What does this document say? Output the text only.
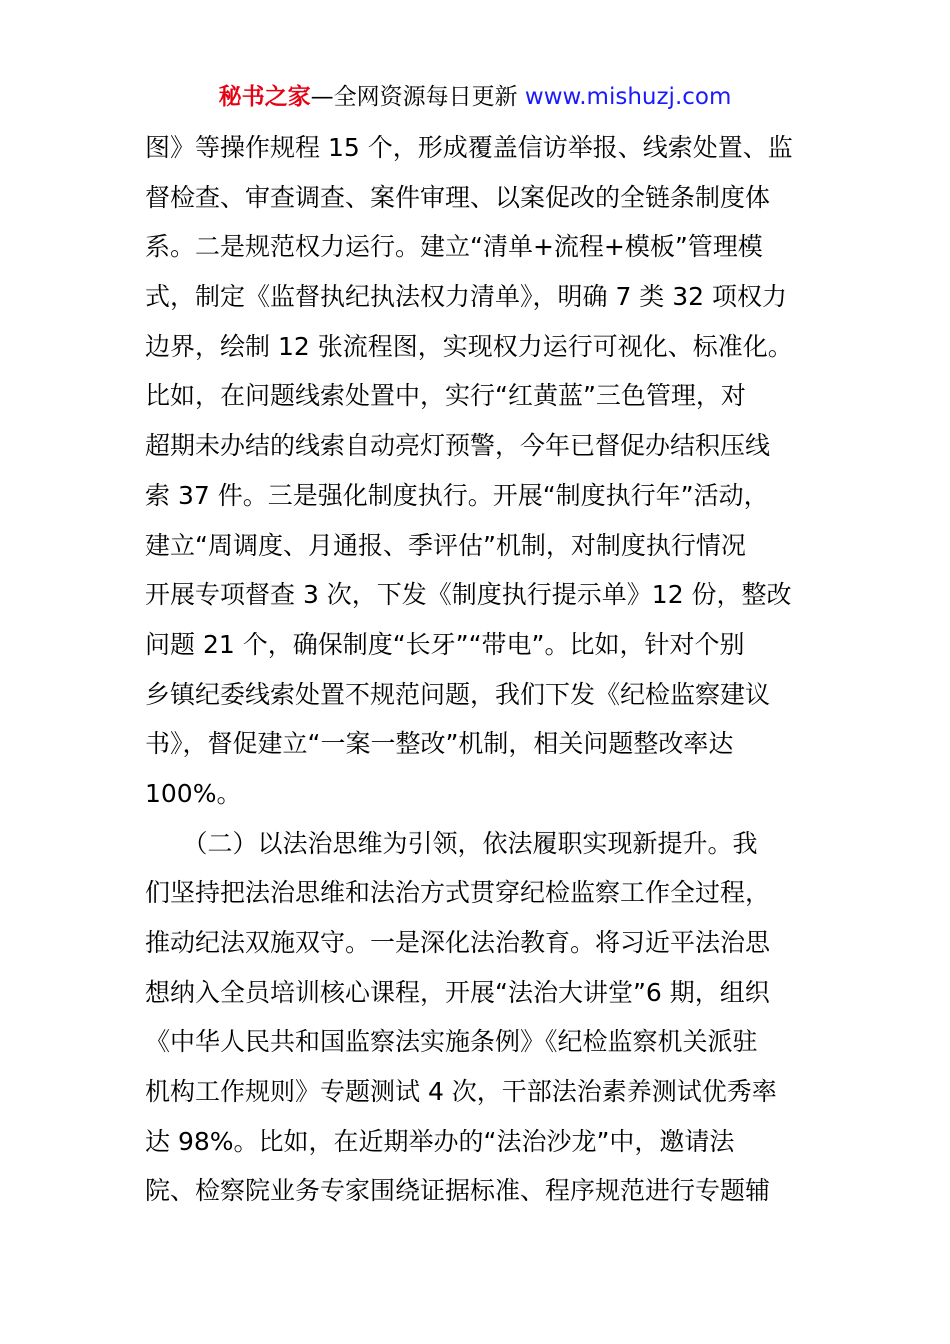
秘书之家—全网资源每日更新 www.mishuzj.com
图》等操作规程 15 个，形成覆盖信访举报、线索处置、监
督检查、审查调查、案件审理、以案促改的全链条制度体
系。二是规范权力运行。建立“清单+流程+模板”管理模
式，制定《监督执纪执法权力清单》，明确 7 类 32 项权力
边界，绘制 12 张流程图，实现权力运行可视化、标准化。
比如，在问题线索处置中，实行“红黄蓝”三色管理，对
超期未办结的线索自动亮灯预警，今年已督促办结积压线
索 37 件。三是强化制度执行。开展“制度执行年”活动，
建立“周调度、月通报、季评估”机制，对制度执行情况
开展专项督查 3 次，下发《制度执行提示单》12 份，整改
问题 21 个，确保制度“长牙”“带电”。比如，针对个别
乡镇纪委线索处置不规范问题，我们下发《纪检监察建议
书》，督促建立“一案一整改”机制，相关问题整改率达
100%。
　　（二）以法治思维为引领，依法履职实现新提升。我
们坚持把法治思维和法治方式贯穿纪检监察工作全过程，
推动纪法双施双守。一是深化法治教育。将习近平法治思
想纳入全员培训核心课程，开展“法治大讲堂”6 期，组织
《中华人民共和国监察法实施条例》《纪检监察机关派驻
机构工作规则》专题测试 4 次，干部法治素养测试优秀率
达 98%。比如，在近期举办的“法治沙龙”中，邀请法
院、检察院业务专家围绕证据标准、程序规范进行专题辅
